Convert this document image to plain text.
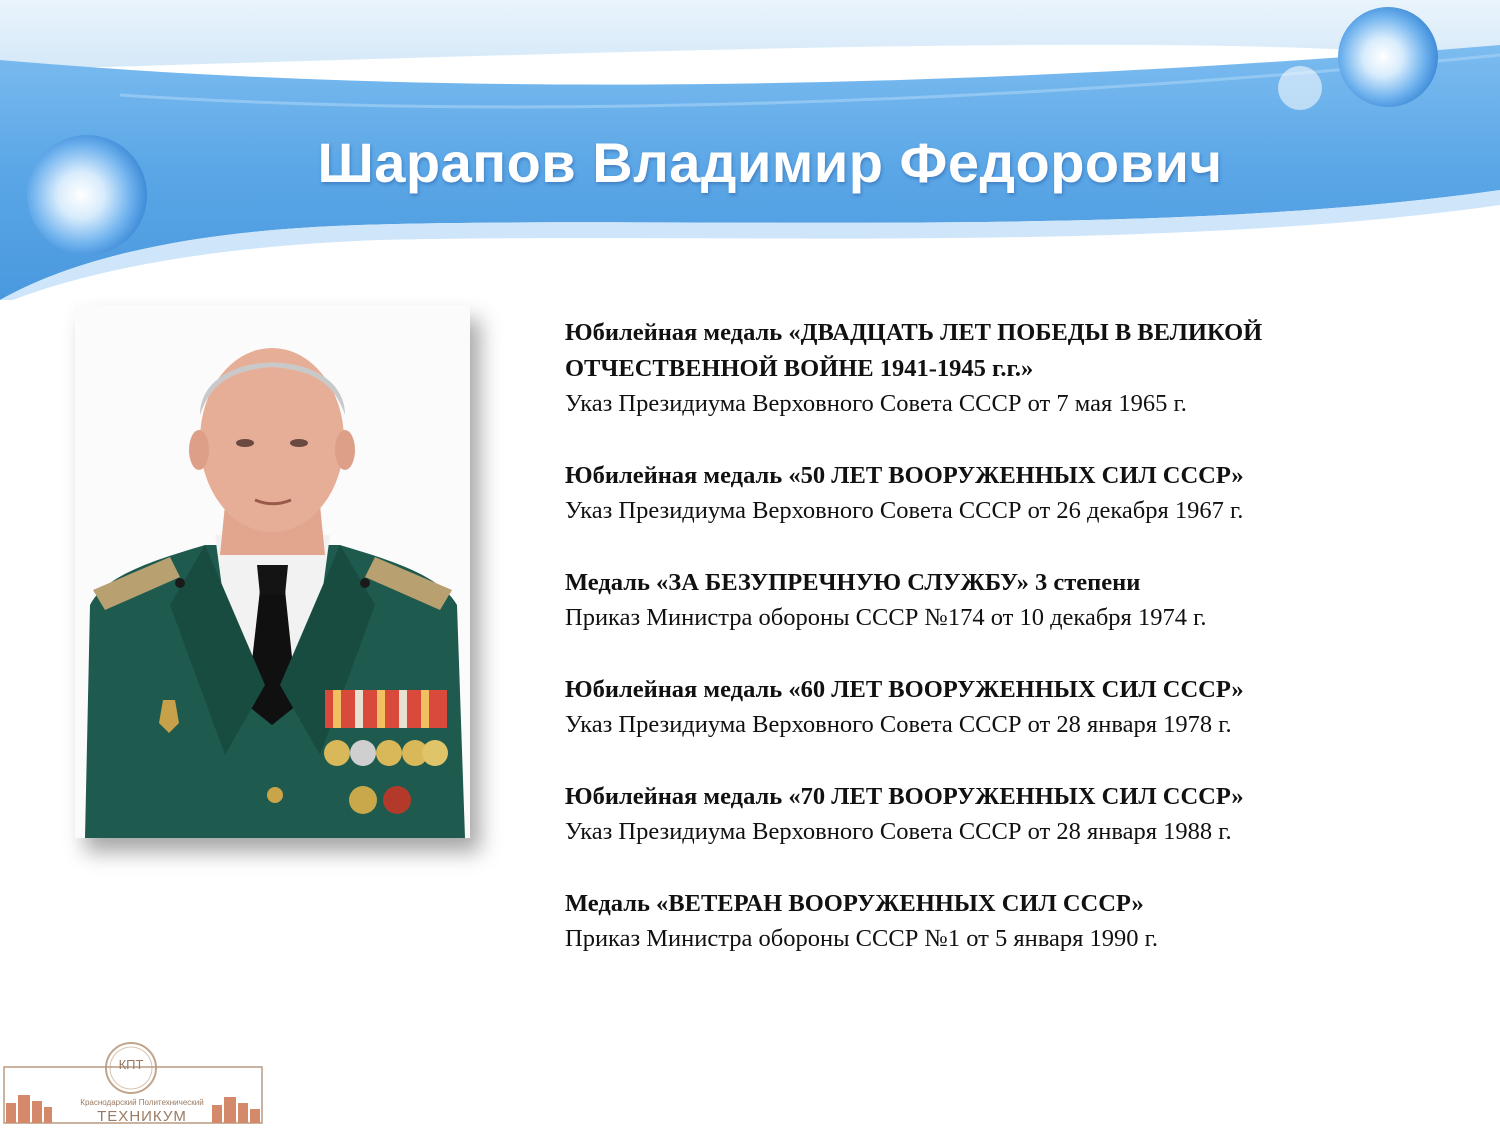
Шарапов Владимир Федорович
Юбилейная медаль «ДВАДЦАТЬ ЛЕТ ПОБЕДЫ В ВЕЛИКОЙ ОТЧЕСТВЕННОЙ ВОЙНЕ 1941-1945 г.г.»
Указ Президиума Верховного Совета СССР от 7 мая 1965 г.
Юбилейная медаль «50 ЛЕТ ВООРУЖЕННЫХ СИЛ СССР»
Указ Президиума Верховного Совета СССР от 26 декабря 1967 г.
Медаль «ЗА БЕЗУПРЕЧНУЮ СЛУЖБУ» 3 степени
Приказ Министра обороны СССР №174 от 10 декабря 1974 г.
Юбилейная медаль «60 ЛЕТ ВООРУЖЕННЫХ СИЛ СССР»
Указ Президиума Верховного Совета СССР от 28 января 1978 г.
Юбилейная медаль «70 ЛЕТ ВООРУЖЕННЫХ СИЛ СССР»
Указ Президиума Верховного Совета СССР от 28 января 1988 г.
Медаль «ВЕТЕРАН ВООРУЖЕННЫХ СИЛ СССР»
Приказ Министра обороны СССР №1 от 5 января 1990 г.
КПТ
Краснодарский Политехнический
ТЕХНИКУМ
